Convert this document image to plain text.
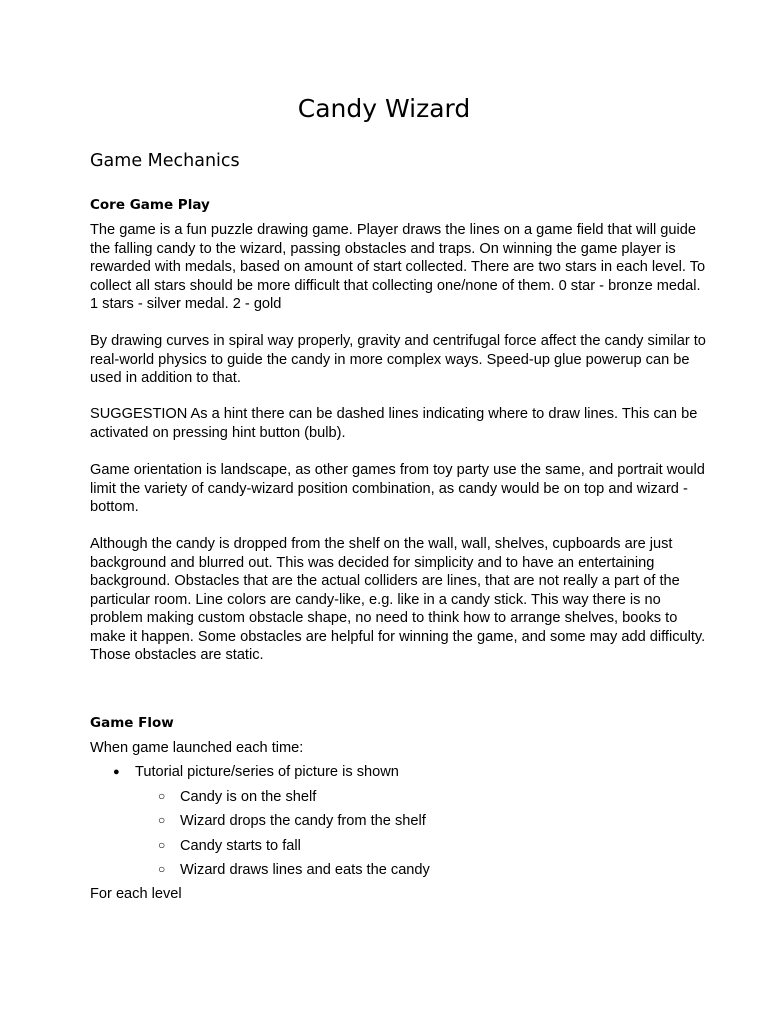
Candy Wizard
Game Mechanics
Core Game Play

The game is a fun puzzle drawing game. Player draws the lines on a game field that will guide the falling candy to the wizard, passing obstacles and traps. On winning the game player is rewarded with medals, based on amount of start collected. There are two stars in each level. To collect all stars should be more difficult that collecting one/none of them. 0 star - bronze medal. 1 stars - silver medal. 2 - gold

By drawing curves in spiral way properly, gravity and centrifugal force affect the candy similar to real-world physics to guide the candy in more complex ways. Speed-up glue powerup can be used in addition to that.

SUGGESTION As a hint there can be dashed lines indicating where to draw lines. This can be activated on pressing hint button (bulb).

Game orientation is landscape, as other games from toy party use the same, and portrait would limit the variety of candy-wizard position combination, as candy would be on top and wizard - bottom.

Although the candy is dropped from the shelf on the wall, wall, shelves, cupboards are just background and blurred out. This was decided for simplicity and to have an entertaining background. Obstacles that are the actual colliders are lines, that are not really a part of the particular room. Line colors are candy-like, e.g. like in a candy stick. This way there is no problem making custom obstacle shape, no need to think how to arrange shelves, books to make it happen. Some obstacles are helpful for winning the game, and some may add difficulty. Those obstacles are static.

Game Flow
When game launched each time:
● Tutorial picture/series of picture is shown
○ Candy is on the shelf
○ Wizard drops the candy from the shelf
○ Candy starts to fall
○ Wizard draws lines and eats the candy
For each level
